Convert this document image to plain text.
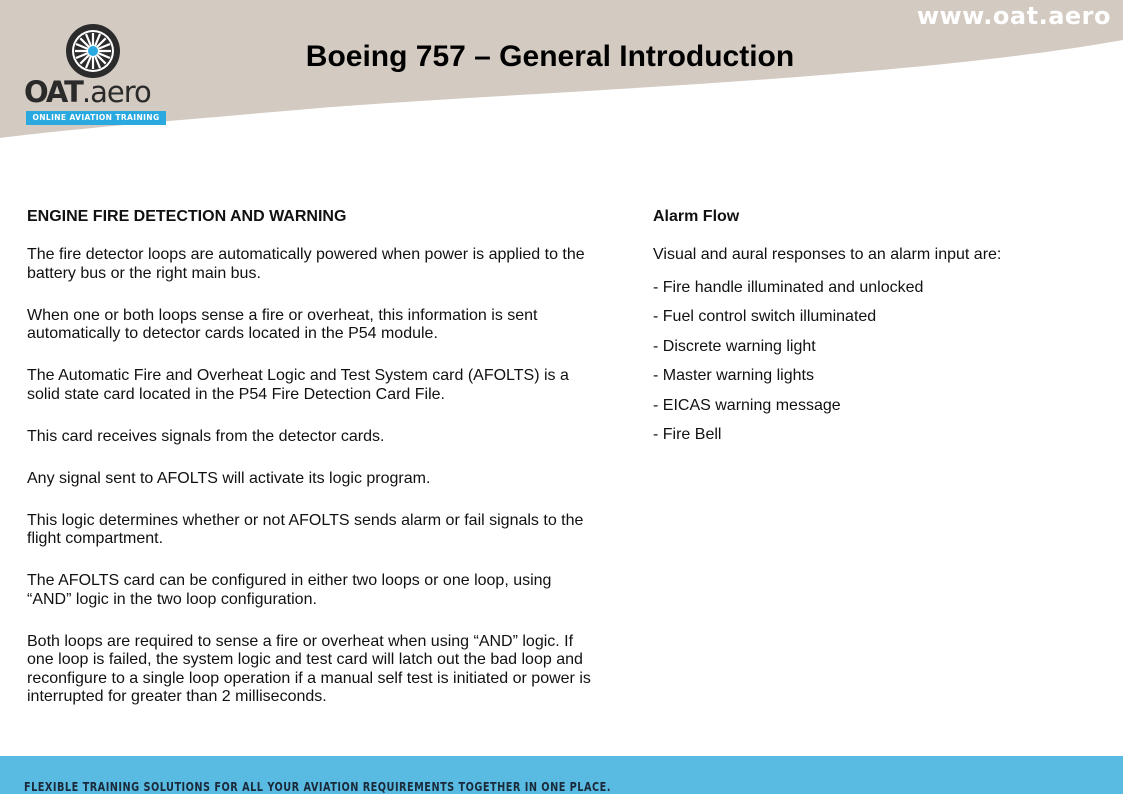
www.oat.aero
OAT.aero
ONLINE AVIATION TRAINING
Boeing 757 – General Introduction
ENGINE FIRE DETECTION AND WARNING

The fire detector loops are automatically powered when power is applied to the battery bus or the right main bus.

When one or both loops sense a fire or overheat, this information is sent automatically to detector cards located in the P54 module.

The Automatic Fire and Overheat Logic and Test System card (AFOLTS) is a solid state card located in the P54 Fire Detection Card File.

This card receives signals from the detector cards.

Any signal sent to AFOLTS will activate its logic program.

This logic determines whether or not AFOLTS sends alarm or fail signals to the flight compartment.

The AFOLTS card can be configured in either two loops or one loop, using “AND” logic in the two loop configuration.

Both loops are required to sense a fire or overheat when using “AND” logic. If one loop is failed, the system logic and test card will latch out the bad loop and reconfigure to a single loop operation if a manual self test is initiated or power is interrupted for greater than 2 milliseconds.

Alarm Flow
Visual and aural responses to an alarm input are:
- Fire handle illuminated and unlocked
- Fuel control switch illuminated
- Discrete warning light
- Master warning lights
- EICAS warning message
- Fire Bell
FLEXIBLE TRAINING SOLUTIONS FOR ALL YOUR AVIATION REQUIREMENTS TOGETHER IN ONE PLACE.
